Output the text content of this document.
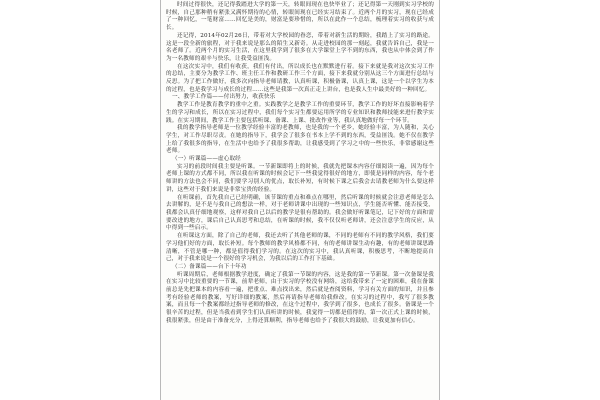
时间过得很快，还记得我踏进大学的第一天，转眼间现在也快毕业了；还记得第一天刚到实习学校的时候，自己那种稍有紧张又满怀期待的心情，转眼间现在已经实习结束了。近两个月的实习，现在已经成了一种回忆，一笔财富……回忆是美的，财富是要珍惜的，所以在此作一个总结，梳理着实习的收获与成长。

还记得，2014年02月26日，带着对大学校园的眷恋，带着对新生活的期盼，我踏上了实习的路途。这是一段全新的旅程，对于我来说是那么的陌生又新奇。从走进校园的那一刻起，我就告诉自己，我是一名老师了。近两个月的实习生活，在这里我学到了很多在大学课堂上学不到的东西，我也从中体会到了作为一名教师的艰辛与快乐，让我受益匪浅。

在这次实习中，我们有收获，我们有付出，所以成长也在默默进行着。接下来就是我对这次实习工作的总结，主要分为教学工作、班主任工作和教研工作三个方面，接下来我就分别从这三个方面进行总结与反思。为了把工作做好，我多次向指导老师请教，认真听课，积极备课，认真上课，这是一个以学生为本的过程，也是我学习与成长的过程……这些是我第一次真正走上讲台，也是我人生中最美好的一种回忆。

一、教学工作篇——付出努力，收获快乐

教学工作是教育教学的重中之重。实践教学之是教学工作的重要环节，教学工作的好坏直接影响着学生的学习和成长，所以在实习过程中，我们每个实习生都要运用所学的专业知识和教师技能来进行教学实践。在实习期间，教学工作主要包括听课、备课、上课、批改作业等，我认真地做好每一个环节。

我的教学指导老师是一位教学经验丰富的老教师，也是我的一个老乡，她经验丰富，为人随和，关心学生，对工作尽职尽责。在她的指导下，我学会了很多在书本上学不到的东西，受益匪浅。她不仅在教学上给了我很多的指导，在生活中也给予了我很多帮助，让我感受到了学习之中的一些快乐，非常感谢这些老师。

（一）听课篇——虚心取经

实习的前段时间我主要是听课。一节新课即将上的时候，我就先把课本内容仔细阅读一遍，因为每个老师上课的方式都不同，所以我在听课的时候会记下一些我觉得很好的地方，即使是同样的内容，每个老师讲的方法也会不同，我们要学习别人的优点，取长补短，有时候下课之后我会去请教老师为什么要这样讲，这些对于我们来说是非常宝贵的经验。

在听课前，首先我自己已经明确，该节课的重点和难点在哪里，然后听课的时候就会注意老师是怎么去讲解的，是不是与我自己的想法一样，对于老师讲课中出现的一些知识点，学生能否听懂、能否接受，我都会认真仔细地观察，这样对我自己以后的教学是很有帮助的。我会做好听课笔记，记下好的方面和需要改进的地方，课后自己认真思考和总结，在听课的时候，我不仅仅听老师讲，还会注意学生的反应，从中得到一些启示。

在听课这方面，除了自己的老师，我还去听了其他老师的课，不同的老师有不同的教学风格，我们要学习他们好的方面，取长补短。每个教师的教学风格都不同，有的老师讲课生动有趣，有的老师讲课思路清晰，不管是哪一种，都是值得我们学习的。在这次的实习中，我认真听课，积极思考，不断地提高自己，对于我来说是一个很好的学习机会，为我以后的工作打下基础。

（二）备课篇——台下十年功

听课周期后，老师根据教学进度，确定了我第一节课的内容，这是我的第一节新课。第一次备课是我在实习中比较重要的一节课，前辈老师，由于实习的学校没有网络，这给我带来了一定的困难，我在备课前总是先把课本的内容看一遍，把重点、难点找出来，然后就是查阅资料，学习有关方面的知识，并且参考有经验老师的教案，写好详细的教案，然后再请指导老师给我修改。在实习的过程中，我写了很多教案，而且每一个教案都经过指导老师的修改，在这个过程中，我学到了很多，也成长了很多。备课是一个很辛苦的过程，但是当我看到学生们认真听讲的时候，我觉得一切都是值得的，第一次正式上课的时候，我很紧张，但是由于准备充分，上得还算顺利，指导老师也给予了我很大的鼓励，让我更加有信心。
